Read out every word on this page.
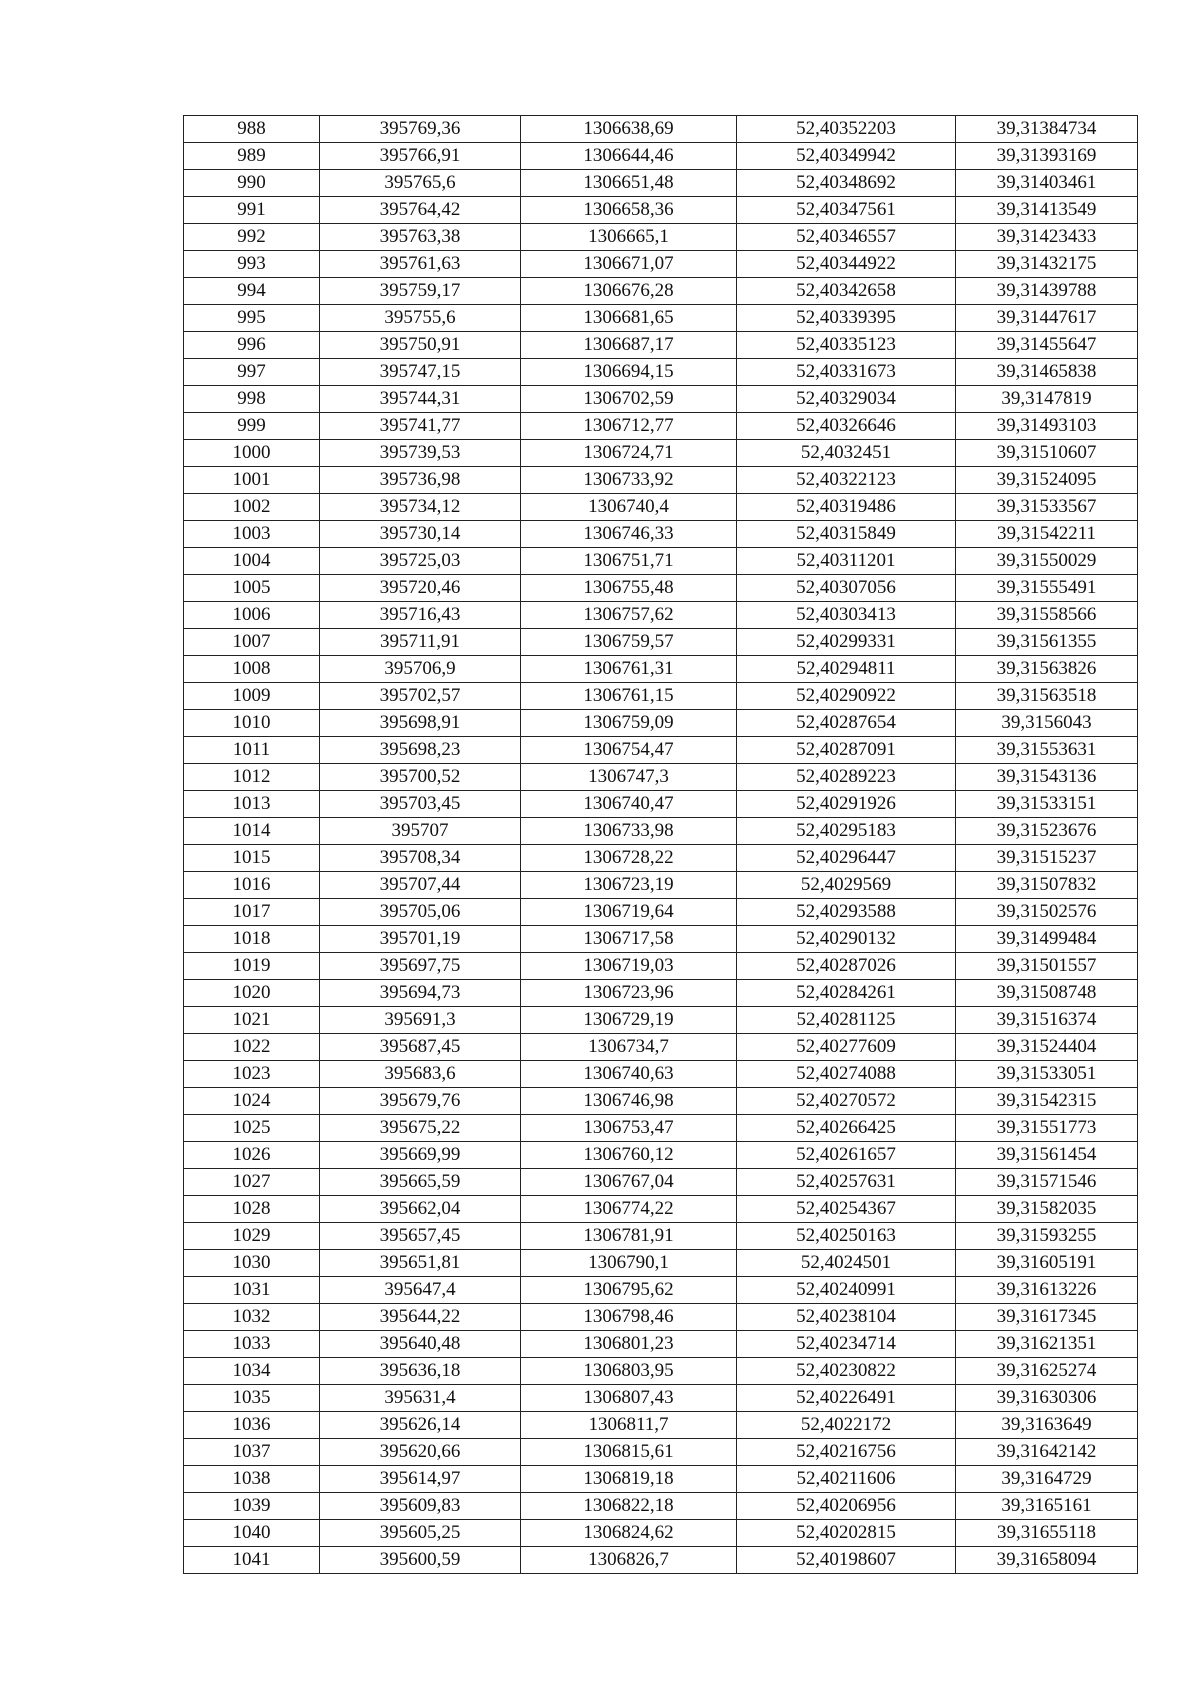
988	395769,36	1306638,69	52,40352203	39,31384734
989	395766,91	1306644,46	52,40349942	39,31393169
990	395765,6	1306651,48	52,40348692	39,31403461
991	395764,42	1306658,36	52,40347561	39,31413549
992	395763,38	1306665,1	52,40346557	39,31423433
993	395761,63	1306671,07	52,40344922	39,31432175
994	395759,17	1306676,28	52,40342658	39,31439788
995	395755,6	1306681,65	52,40339395	39,31447617
996	395750,91	1306687,17	52,40335123	39,31455647
997	395747,15	1306694,15	52,40331673	39,31465838
998	395744,31	1306702,59	52,40329034	39,3147819
999	395741,77	1306712,77	52,40326646	39,31493103
1000	395739,53	1306724,71	52,4032451	39,31510607
1001	395736,98	1306733,92	52,40322123	39,31524095
1002	395734,12	1306740,4	52,40319486	39,31533567
1003	395730,14	1306746,33	52,40315849	39,31542211
1004	395725,03	1306751,71	52,40311201	39,31550029
1005	395720,46	1306755,48	52,40307056	39,31555491
1006	395716,43	1306757,62	52,40303413	39,31558566
1007	395711,91	1306759,57	52,40299331	39,31561355
1008	395706,9	1306761,31	52,40294811	39,31563826
1009	395702,57	1306761,15	52,40290922	39,31563518
1010	395698,91	1306759,09	52,40287654	39,3156043
1011	395698,23	1306754,47	52,40287091	39,31553631
1012	395700,52	1306747,3	52,40289223	39,31543136
1013	395703,45	1306740,47	52,40291926	39,31533151
1014	395707	1306733,98	52,40295183	39,31523676
1015	395708,34	1306728,22	52,40296447	39,31515237
1016	395707,44	1306723,19	52,4029569	39,31507832
1017	395705,06	1306719,64	52,40293588	39,31502576
1018	395701,19	1306717,58	52,40290132	39,31499484
1019	395697,75	1306719,03	52,40287026	39,31501557
1020	395694,73	1306723,96	52,40284261	39,31508748
1021	395691,3	1306729,19	52,40281125	39,31516374
1022	395687,45	1306734,7	52,40277609	39,31524404
1023	395683,6	1306740,63	52,40274088	39,31533051
1024	395679,76	1306746,98	52,40270572	39,31542315
1025	395675,22	1306753,47	52,40266425	39,31551773
1026	395669,99	1306760,12	52,40261657	39,31561454
1027	395665,59	1306767,04	52,40257631	39,31571546
1028	395662,04	1306774,22	52,40254367	39,31582035
1029	395657,45	1306781,91	52,40250163	39,31593255
1030	395651,81	1306790,1	52,4024501	39,31605191
1031	395647,4	1306795,62	52,40240991	39,31613226
1032	395644,22	1306798,46	52,40238104	39,31617345
1033	395640,48	1306801,23	52,40234714	39,31621351
1034	395636,18	1306803,95	52,40230822	39,31625274
1035	395631,4	1306807,43	52,40226491	39,31630306
1036	395626,14	1306811,7	52,4022172	39,3163649
1037	395620,66	1306815,61	52,40216756	39,31642142
1038	395614,97	1306819,18	52,40211606	39,3164729
1039	395609,83	1306822,18	52,40206956	39,3165161
1040	395605,25	1306824,62	52,40202815	39,31655118
1041	395600,59	1306826,7	52,40198607	39,31658094
